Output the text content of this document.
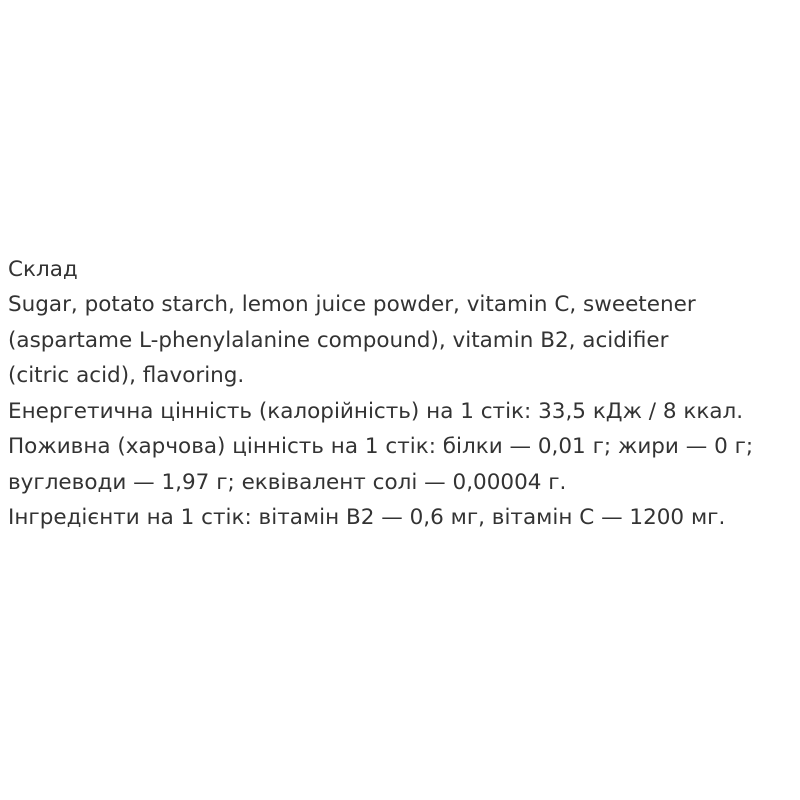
Склад
Sugar, potato starch, lemon juice powder, vitamin C, sweetener
(aspartame L-phenylalanine compound), vitamin B2, acidifier
(citric acid), flavoring.
Енергетична цінність (калорійність) на 1 стік: 33,5 кДж / 8 ккал.
Поживна (харчова) цінність на 1 стік: білки — 0,01 г; жири — 0 г;
вуглеводи — 1,97 г; еквівалент солі — 0,00004 г.
Інгредієнти на 1 стік: вітамін В2 — 0,6 мг, вітамін С — 1200 мг.
